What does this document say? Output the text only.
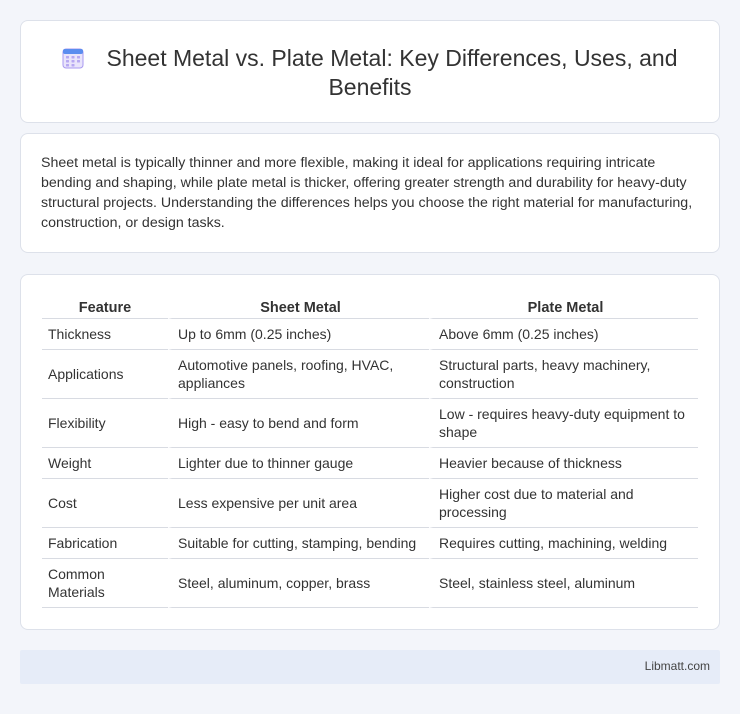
Sheet Metal vs. Plate Metal: Key Differences, Uses, and Benefits

Sheet metal is typically thinner and more flexible, making it ideal for applications requiring intricate bending and shaping, while plate metal is thicker, offering greater strength and durability for heavy-duty structural projects. Understanding the differences helps you choose the right material for manufacturing, construction, or design tasks.

Feature	Sheet Metal	Plate Metal
Thickness	Up to 6mm (0.25 inches)	Above 6mm (0.25 inches)
Applications	Automotive panels, roofing, HVAC, appliances	Structural parts, heavy machinery, construction
Flexibility	High - easy to bend and form	Low - requires heavy-duty equipment to shape
Weight	Lighter due to thinner gauge	Heavier because of thickness
Cost	Less expensive per unit area	Higher cost due to material and processing
Fabrication	Suitable for cutting, stamping, bending	Requires cutting, machining, welding
Common Materials	Steel, aluminum, copper, brass	Steel, stainless steel, aluminum
Libmatt.com
